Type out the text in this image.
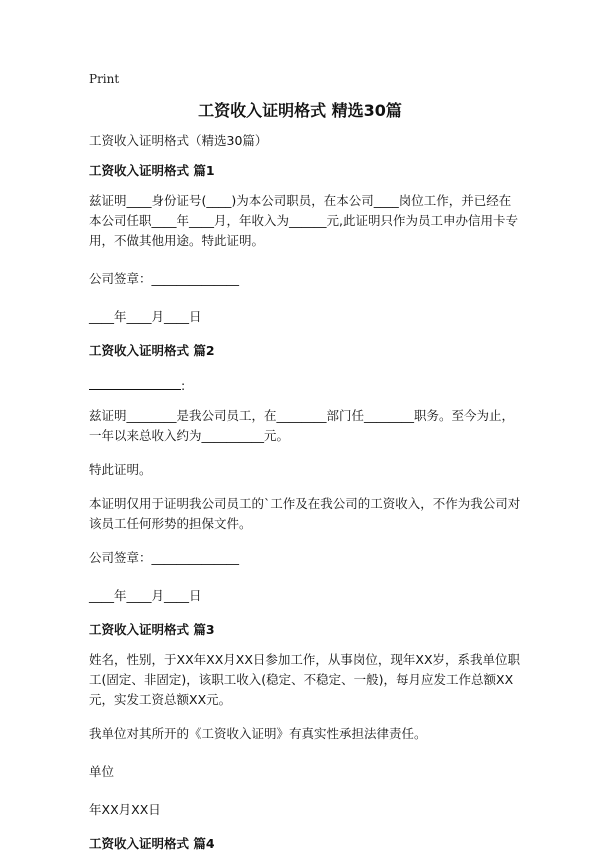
Print
工资收入证明格式 精选30篇

工资收入证明格式（精选30篇）

工资收入证明格式 篇1

兹证明____身份证号(____)为本公司职员，在本公司____岗位工作，并已经在本公司任职____年____月，年收入为______元,此证明只作为员工申办信用卡专用，不做其他用途。特此证明。

公司签章：______________

____年____月____日

工资收入证明格式 篇2

:

兹证明________是我公司员工，在________部门任________职务。至今为止，一年以来总收入约为__________元。

特此证明。

本证明仅用于证明我公司员工的`工作及在我公司的工资收入，不作为我公司对该员工任何形势的担保文件。

公司签章：______________

____年____月____日

工资收入证明格式 篇3

姓名，性别，于XX年XX月XX日参加工作，从事岗位，现年XX岁，系我单位职工(固定、非固定)，该职工收入(稳定、不稳定、一般)，每月应发工作总额XX元，实发工资总额XX元。

我单位对其所开的《工资收入证明》有真实性承担法律责任。

单位

年XX月XX日

工资收入证明格式 篇4
